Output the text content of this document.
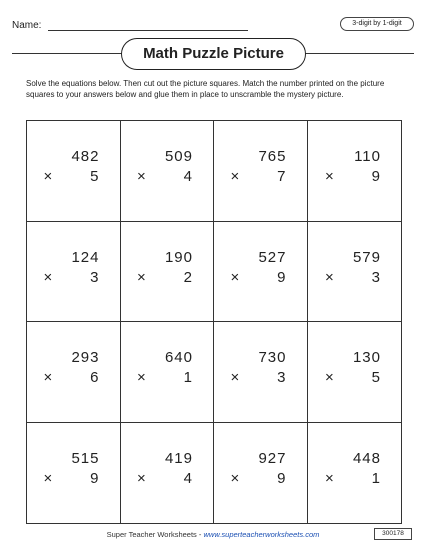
Name:	3-digit by 1-digit
Math Puzzle Picture

Solve the equations below. Then cut out the picture squares. Match the number printed on the picture squares to your answers below and glue them in place to unscramble the mystery picture.

482
× 5
509
× 4
765
× 7
110
× 9
124
× 3
190
× 2
527
× 9
579
× 3
293
× 6
640
× 1
730
× 3
130
× 5
515
× 9
419
× 4
927
× 9
448
× 1
Super Teacher Worksheets - www.superteacherworksheets.com	300178
